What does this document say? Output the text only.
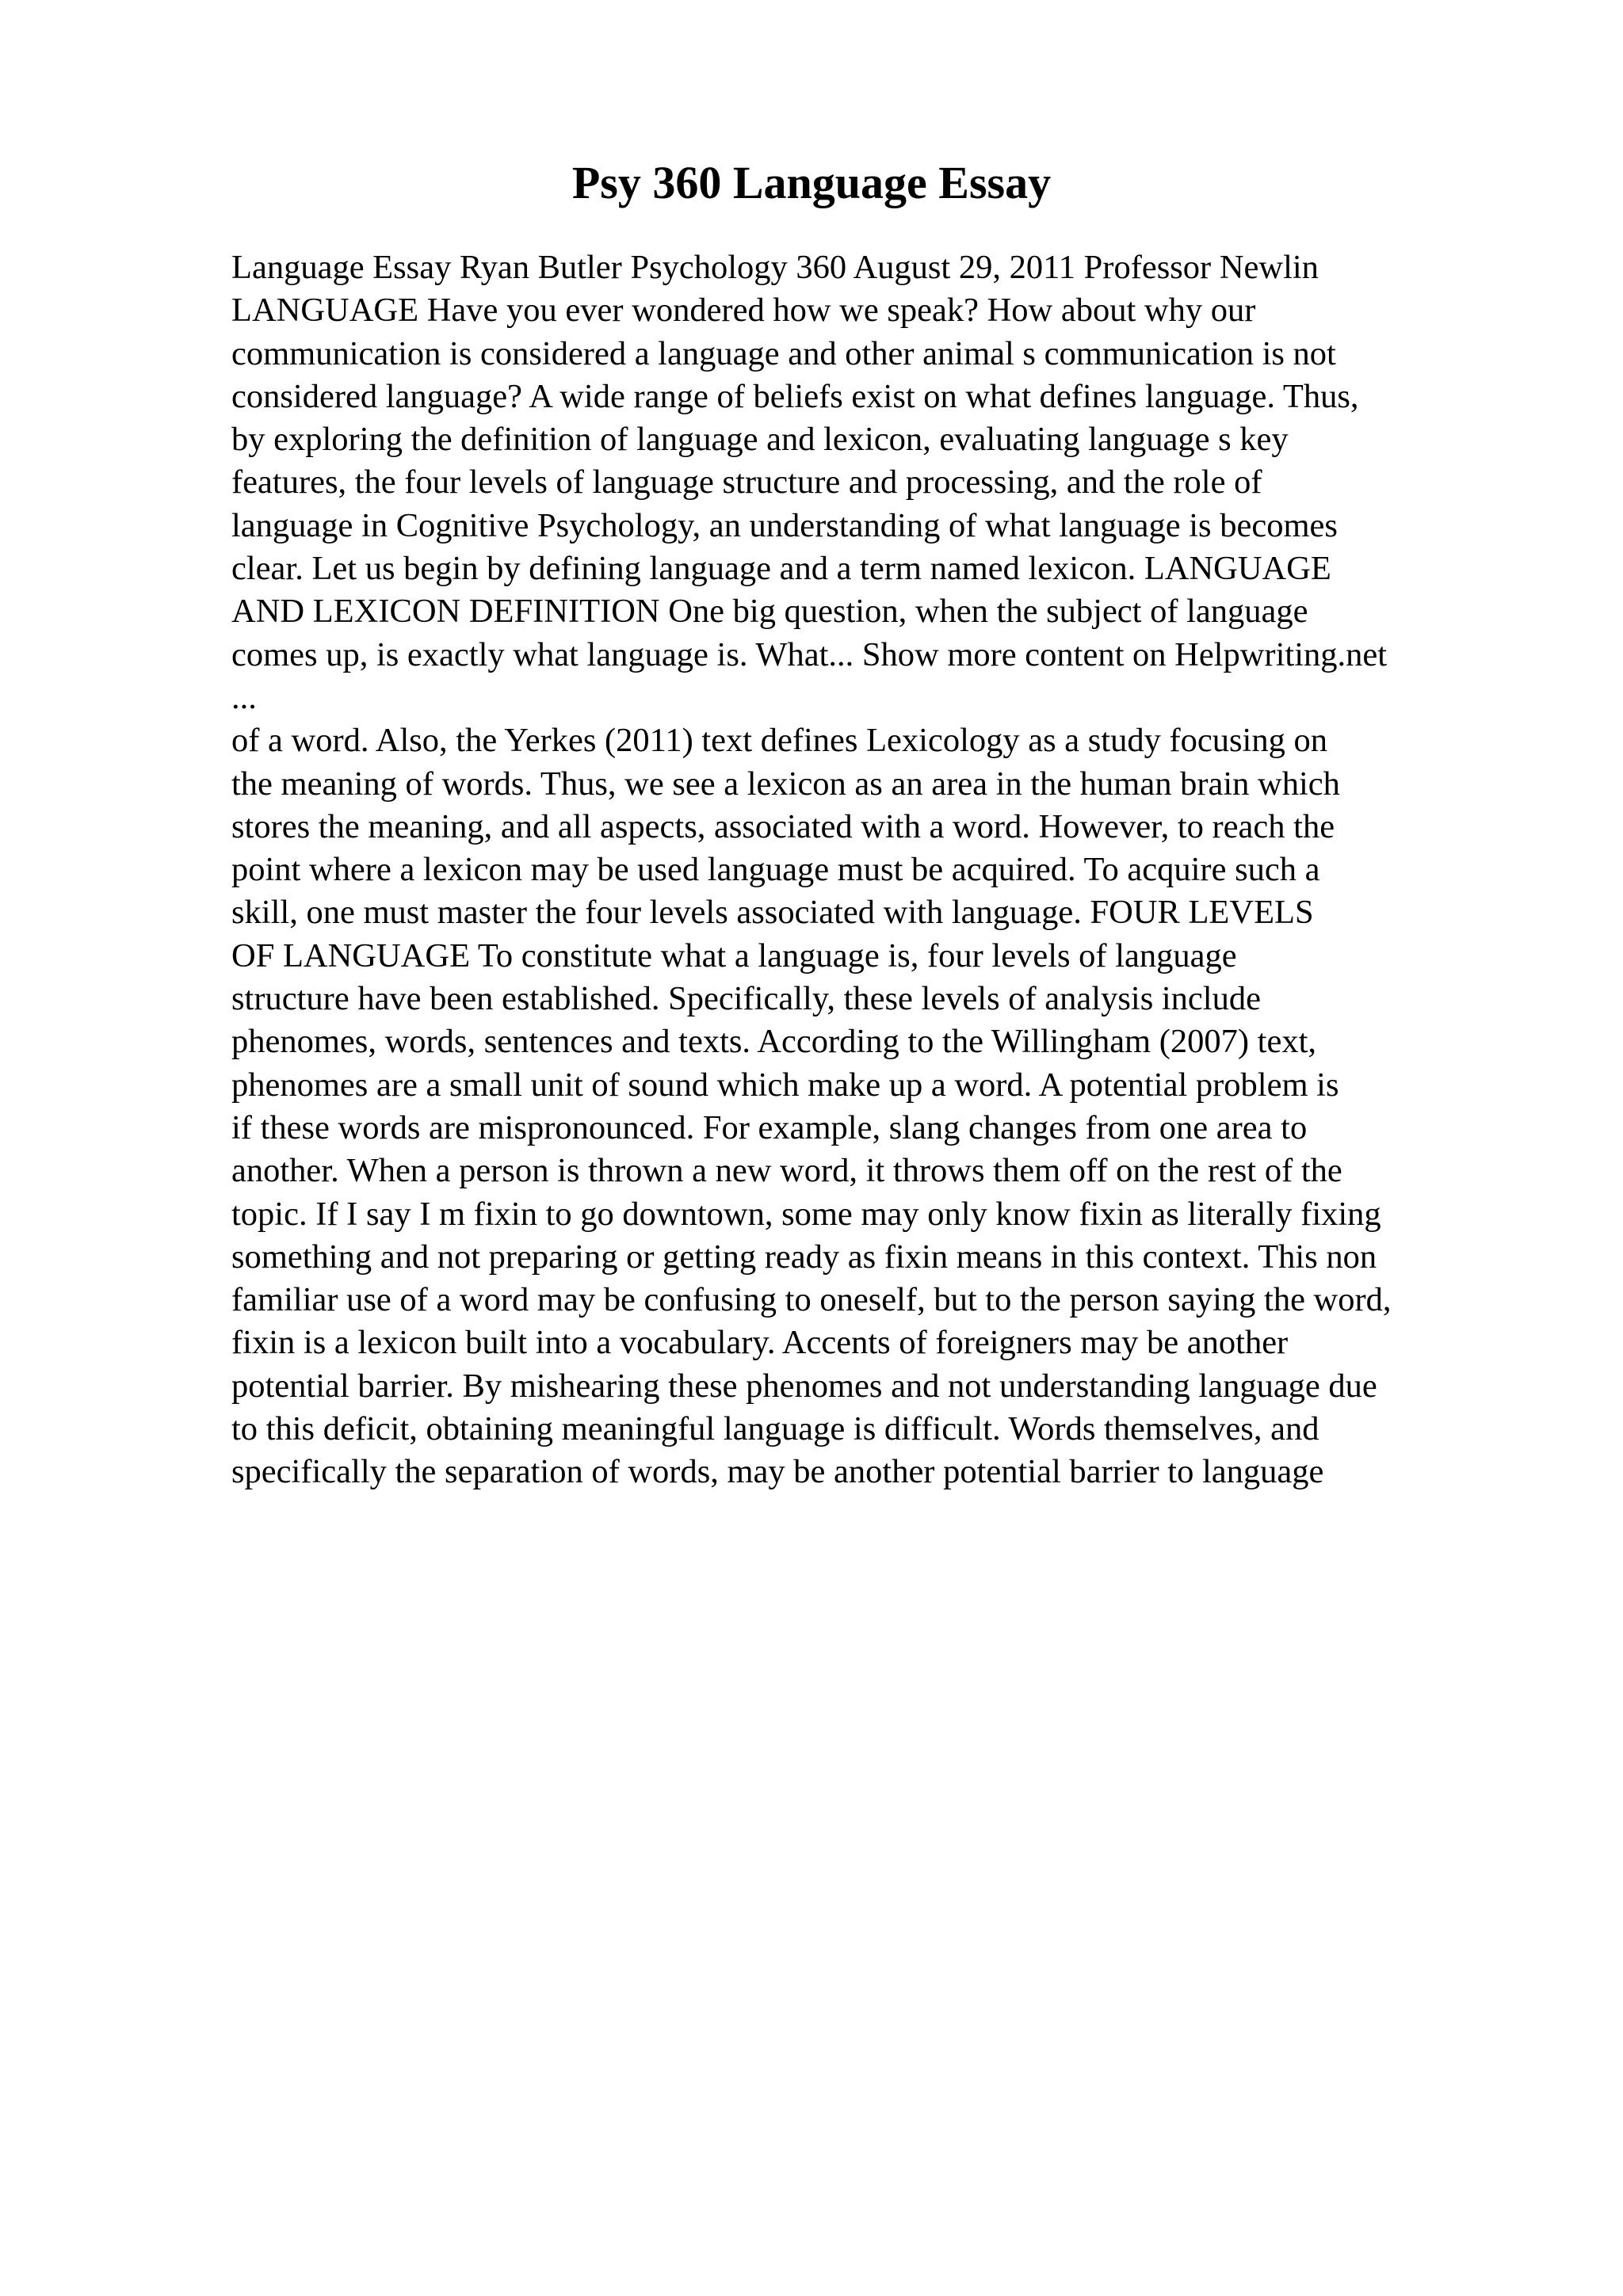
Psy 360 Language Essay
Language Essay Ryan Butler Psychology 360 August 29, 2011 Professor Newlin
LANGUAGE Have you ever wondered how we speak? How about why our
communication is considered a language and other animal s communication is not
considered language? A wide range of beliefs exist on what defines language. Thus,
by exploring the definition of language and lexicon, evaluating language s key
features, the four levels of language structure and processing, and the role of
language in Cognitive Psychology, an understanding of what language is becomes
clear. Let us begin by defining language and a term named lexicon. LANGUAGE
AND LEXICON DEFINITION One big question, when the subject of language
comes up, is exactly what language is. What... Show more content on Helpwriting.net
...
of a word. Also, the Yerkes (2011) text defines Lexicology as a study focusing on
the meaning of words. Thus, we see a lexicon as an area in the human brain which
stores the meaning, and all aspects, associated with a word. However, to reach the
point where a lexicon may be used language must be acquired. To acquire such a
skill, one must master the four levels associated with language. FOUR LEVELS
OF LANGUAGE To constitute what a language is, four levels of language
structure have been established. Specifically, these levels of analysis include
phenomes, words, sentences and texts. According to the Willingham (2007) text,
phenomes are a small unit of sound which make up a word. A potential problem is
if these words are mispronounced. For example, slang changes from one area to
another. When a person is thrown a new word, it throws them off on the rest of the
topic. If I say I m fixin to go downtown, some may only know fixin as literally fixing
something and not preparing or getting ready as fixin means in this context. This non
familiar use of a word may be confusing to oneself, but to the person saying the word,
fixin is a lexicon built into a vocabulary. Accents of foreigners may be another
potential barrier. By mishearing these phenomes and not understanding language due
to this deficit, obtaining meaningful language is difficult. Words themselves, and
specifically the separation of words, may be another potential barrier to language
